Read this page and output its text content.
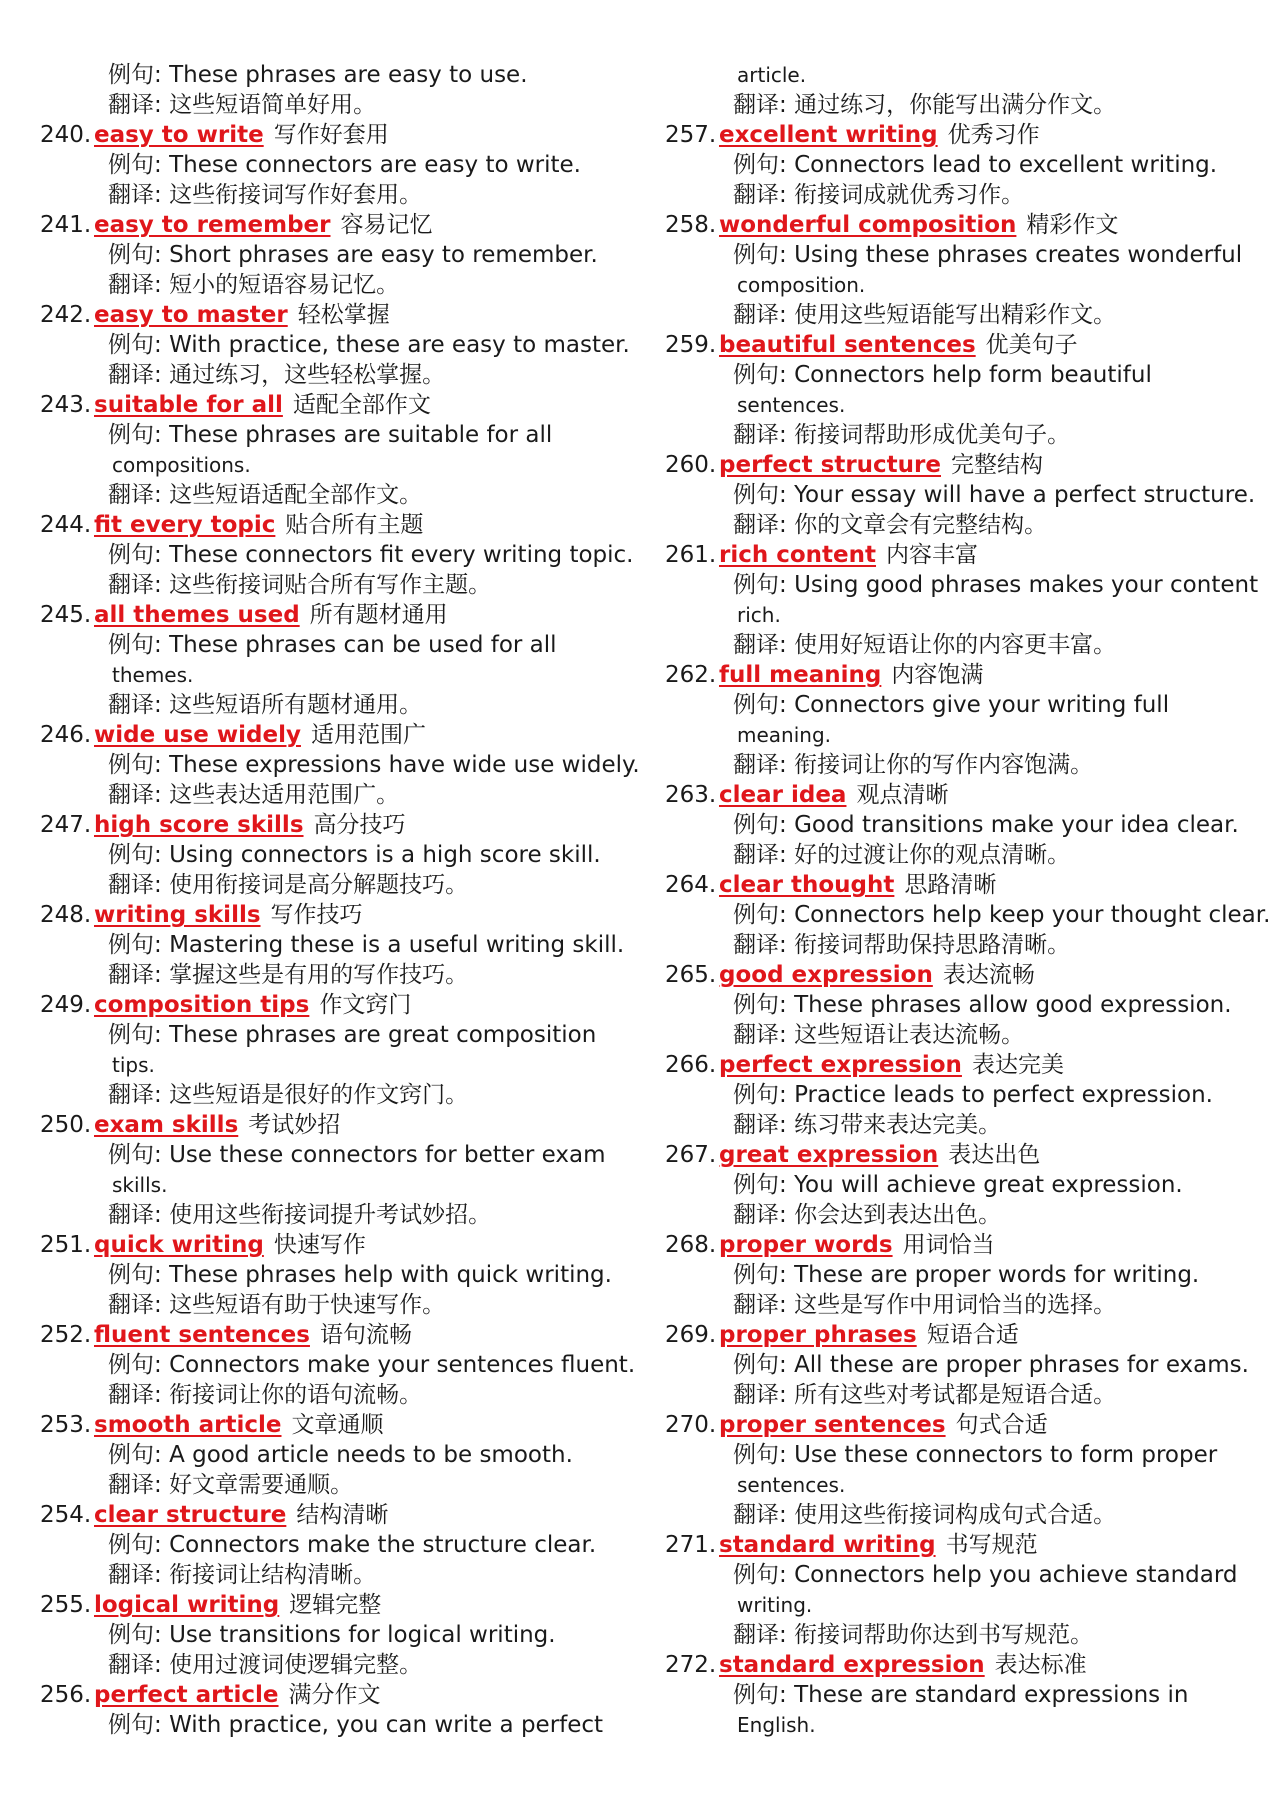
例句: These phrases are easy to use.
翻译: 这些短语简单好用。
240. easy to write 写作好套用
例句: These connectors are easy to write.
翻译: 这些衔接词写作好套用。
241. easy to remember 容易记忆
例句: Short phrases are easy to remember.
翻译: 短小的短语容易记忆。
242. easy to master 轻松掌握
例句: With practice, these are easy to master.
翻译: 通过练习，这些轻松掌握。
243. suitable for all 适配全部作文
例句: These phrases are suitable for all
compositions.
翻译: 这些短语适配全部作文。
244. fit every topic 贴合所有主题
例句: These connectors fit every writing topic.
翻译: 这些衔接词贴合所有写作主题。
245. all themes used 所有题材通用
例句: These phrases can be used for all
themes.
翻译: 这些短语所有题材通用。
246. wide use widely 适用范围广
例句: These expressions have wide use widely.
翻译: 这些表达适用范围广。
247. high score skills 高分技巧
例句: Using connectors is a high score skill.
翻译: 使用衔接词是高分解题技巧。
248. writing skills 写作技巧
例句: Mastering these is a useful writing skill.
翻译: 掌握这些是有用的写作技巧。
249. composition tips 作文窍门
例句: These phrases are great composition
tips.
翻译: 这些短语是很好的作文窍门。
250. exam skills 考试妙招
例句: Use these connectors for better exam
skills.
翻译: 使用这些衔接词提升考试妙招。
251. quick writing 快速写作
例句: These phrases help with quick writing.
翻译: 这些短语有助于快速写作。
252. fluent sentences 语句流畅
例句: Connectors make your sentences fluent.
翻译: 衔接词让你的语句流畅。
253. smooth article 文章通顺
例句: A good article needs to be smooth.
翻译: 好文章需要通顺。
254. clear structure 结构清晰
例句: Connectors make the structure clear.
翻译: 衔接词让结构清晰。
255. logical writing 逻辑完整
例句: Use transitions for logical writing.
翻译: 使用过渡词使逻辑完整。
256. perfect article 满分作文
例句: With practice, you can write a perfect
article.
翻译: 通过练习，你能写出满分作文。
257. excellent writing 优秀习作
例句: Connectors lead to excellent writing.
翻译: 衔接词成就优秀习作。
258. wonderful composition 精彩作文
例句: Using these phrases creates wonderful
composition.
翻译: 使用这些短语能写出精彩作文。
259. beautiful sentences 优美句子
例句: Connectors help form beautiful
sentences.
翻译: 衔接词帮助形成优美句子。
260. perfect structure 完整结构
例句: Your essay will have a perfect structure.
翻译: 你的文章会有完整结构。
261. rich content 内容丰富
例句: Using good phrases makes your content
rich.
翻译: 使用好短语让你的内容更丰富。
262. full meaning 内容饱满
例句: Connectors give your writing full
meaning.
翻译: 衔接词让你的写作内容饱满。
263. clear idea 观点清晰
例句: Good transitions make your idea clear.
翻译: 好的过渡让你的观点清晰。
264. clear thought 思路清晰
例句: Connectors help keep your thought clear.
翻译: 衔接词帮助保持思路清晰。
265. good expression 表达流畅
例句: These phrases allow good expression.
翻译: 这些短语让表达流畅。
266. perfect expression 表达完美
例句: Practice leads to perfect expression.
翻译: 练习带来表达完美。
267. great expression 表达出色
例句: You will achieve great expression.
翻译: 你会达到表达出色。
268. proper words 用词恰当
例句: These are proper words for writing.
翻译: 这些是写作中用词恰当的选择。
269. proper phrases 短语合适
例句: All these are proper phrases for exams.
翻译: 所有这些对考试都是短语合适。
270. proper sentences 句式合适
例句: Use these connectors to form proper
sentences.
翻译: 使用这些衔接词构成句式合适。
271. standard writing 书写规范
例句: Connectors help you achieve standard
writing.
翻译: 衔接词帮助你达到书写规范。
272. standard expression 表达标准
例句: These are standard expressions in
English.
